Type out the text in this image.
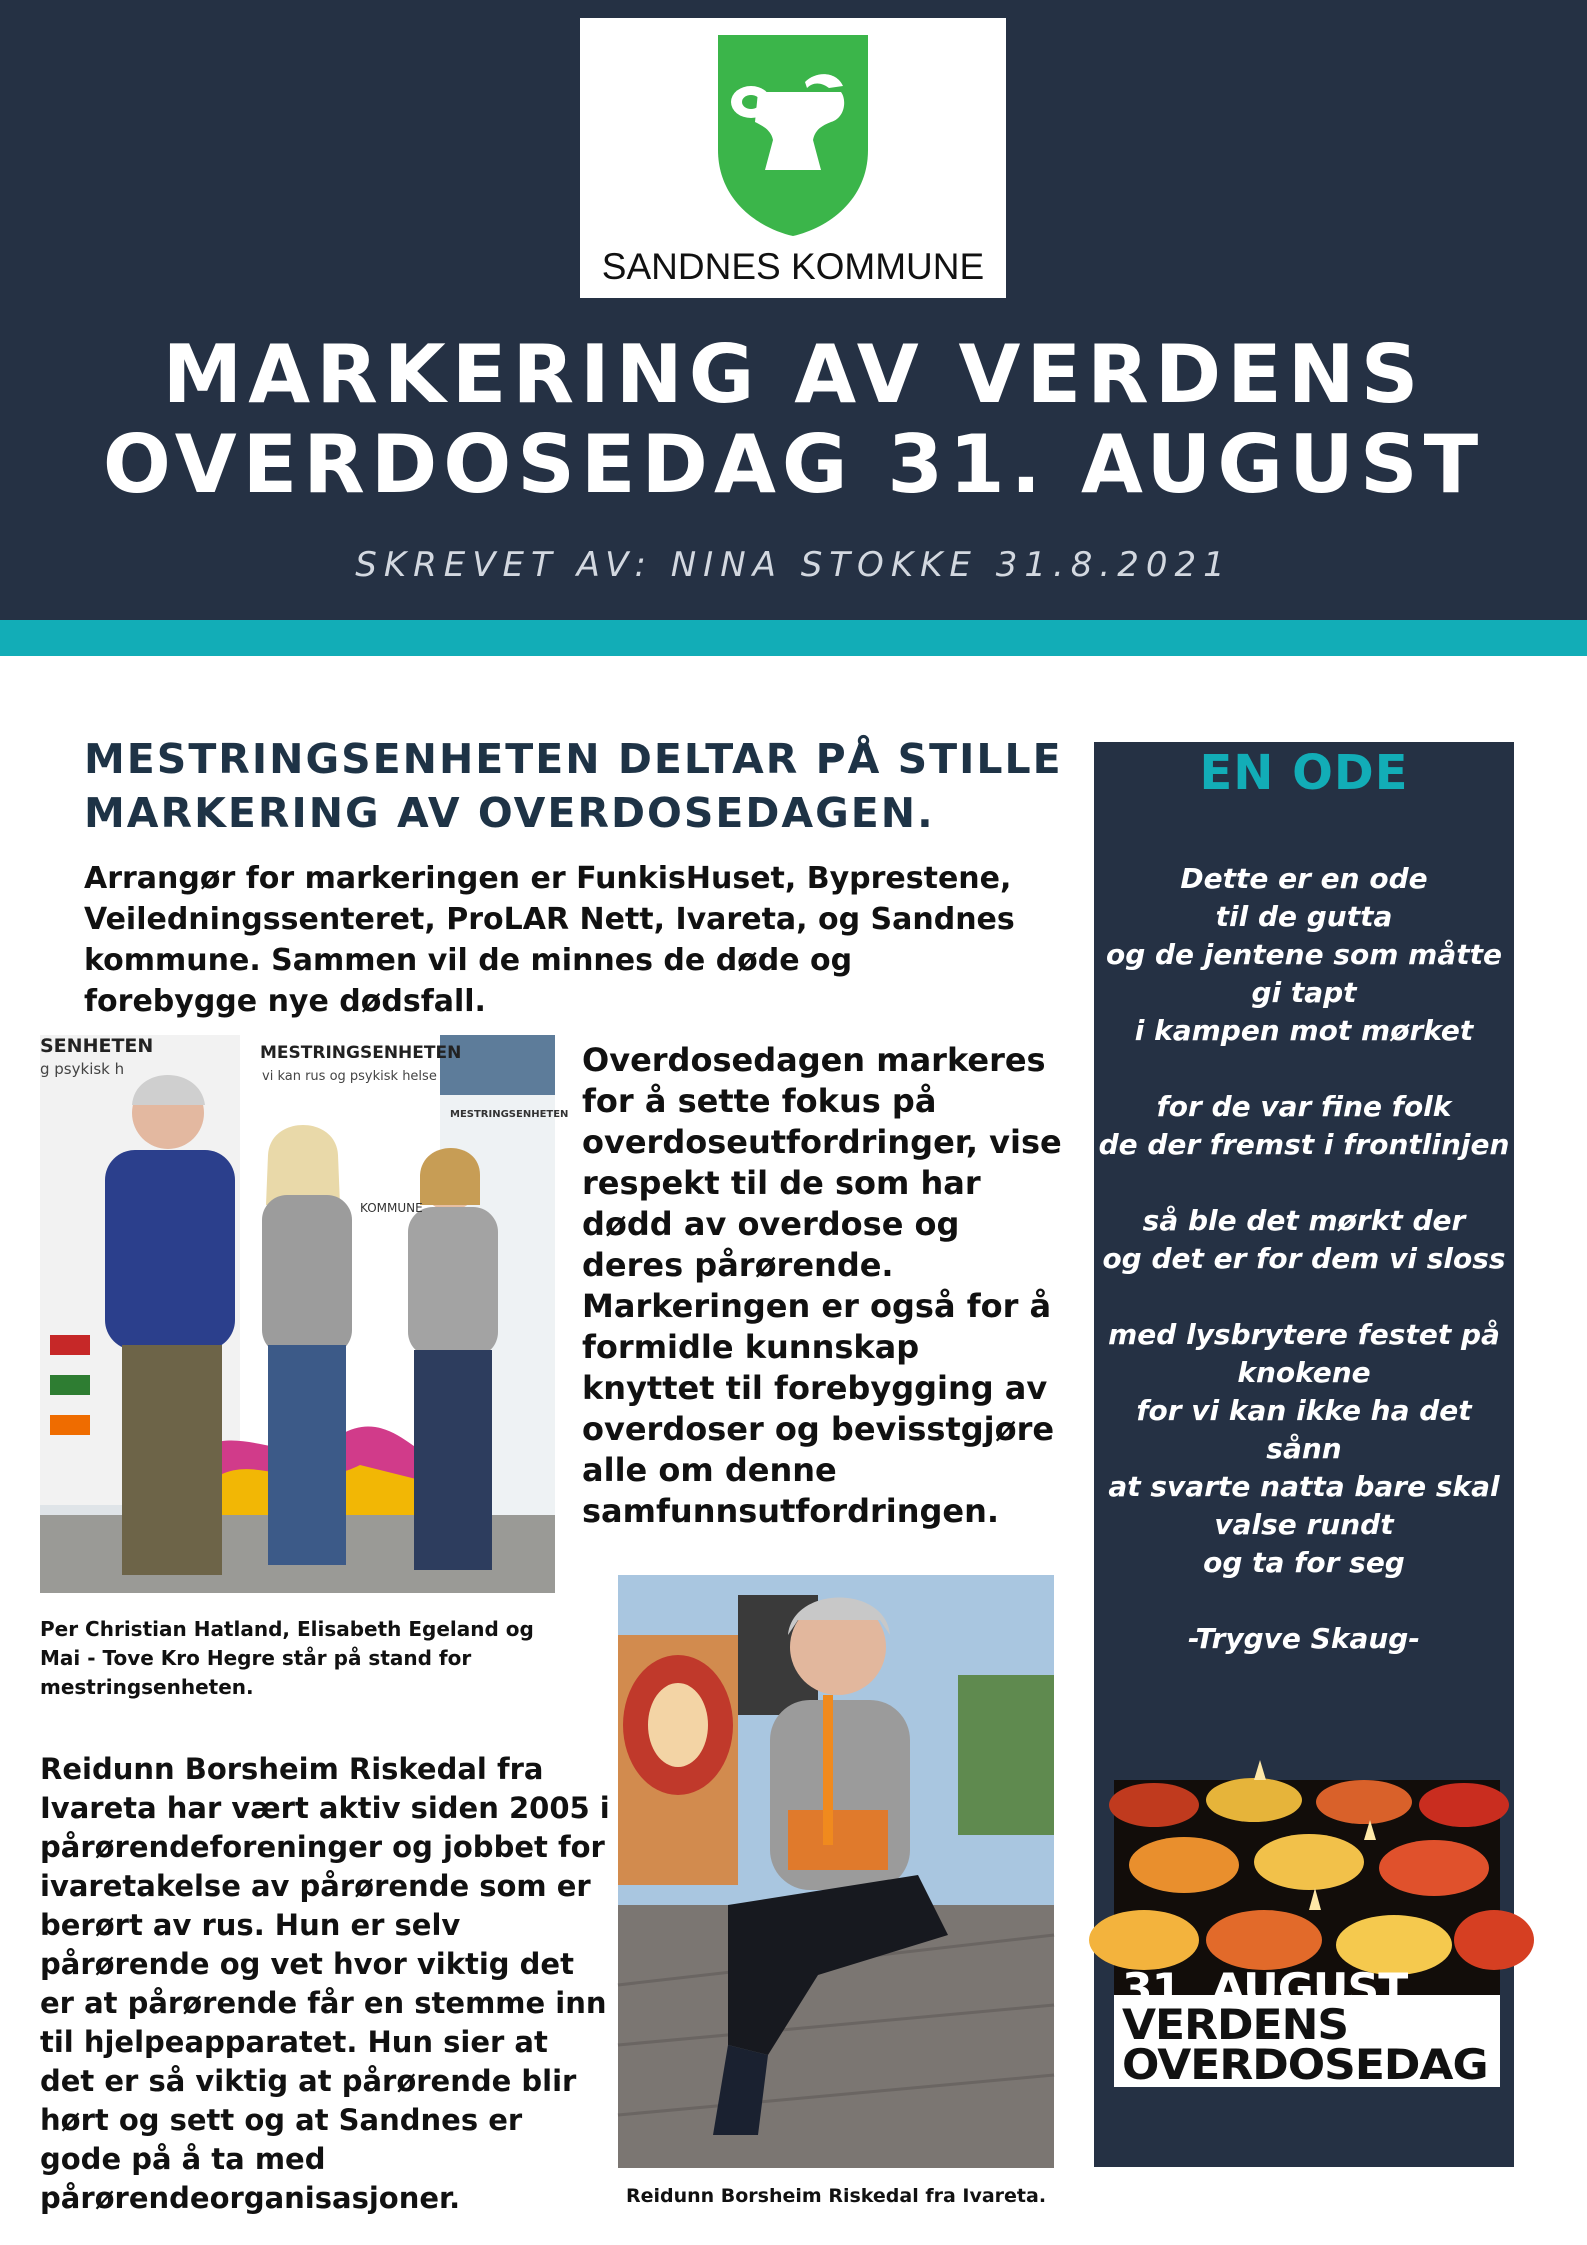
SANDNES KOMMUNE
MARKERING AV VERDENS
OVERDOSEDAG 31. AUGUST
SKREVET AV: NINA STOKKE 31.8.2021
MESTRINGSENHETEN DELTAR PÅ STILLE
MARKERING AV OVERDOSEDAGEN.
Arrangør for markeringen er FunkisHuset, Byprestene, Veiledningssenteret, ProLAR Nett, Ivareta, og Sandnes kommune. Sammen vil de minnes de døde og forebygge nye dødsfall.
SENHETEN
g psykisk h
MESTRINGSENHETEN
vi kan rus og psykisk helse
MESTRINGSENHETEN
KOMMUNE
Overdosedagen markeres for å sette fokus på overdoseutfordringer, vise respekt til de som har dødd av overdose og deres pårørende.
Markeringen er også for å formidle kunnskap knyttet til forebygging av overdoser og bevisstgjøre alle om denne samfunnsutfordringen.
Per Christian Hatland, Elisabeth Egeland og Mai - Tove Kro Hegre står på stand for mestringsenheten.
Reidunn Borsheim Riskedal fra Ivareta har vært aktiv siden 2005 i pårørendeforeninger og jobbet for ivaretakelse av pårørende som er berørt av rus. Hun er selv pårørende og vet hvor viktig det er at pårørende får en stemme inn til hjelpeapparatet. Hun sier at det er så viktig at pårørende blir hørt og sett og at Sandnes er gode på å ta med pårørendeorganisasjoner.	Reidunn Borsheim Riskedal fra Ivareta.
EN ODE
Dette er en ode
til de gutta
og de jentene som måtte
gi tapt
i kampen mot mørket
for de var fine folk
de der fremst i frontlinjen
så ble det mørkt der
og det er for dem vi sloss
med lysbrytere festet på
knokene
for vi kan ikke ha det
sånn
at svarte natta bare skal
valse rundt
og ta for seg
-Trygve Skaug-
31. AUGUST
VERDENS
OVERDOSEDAG
